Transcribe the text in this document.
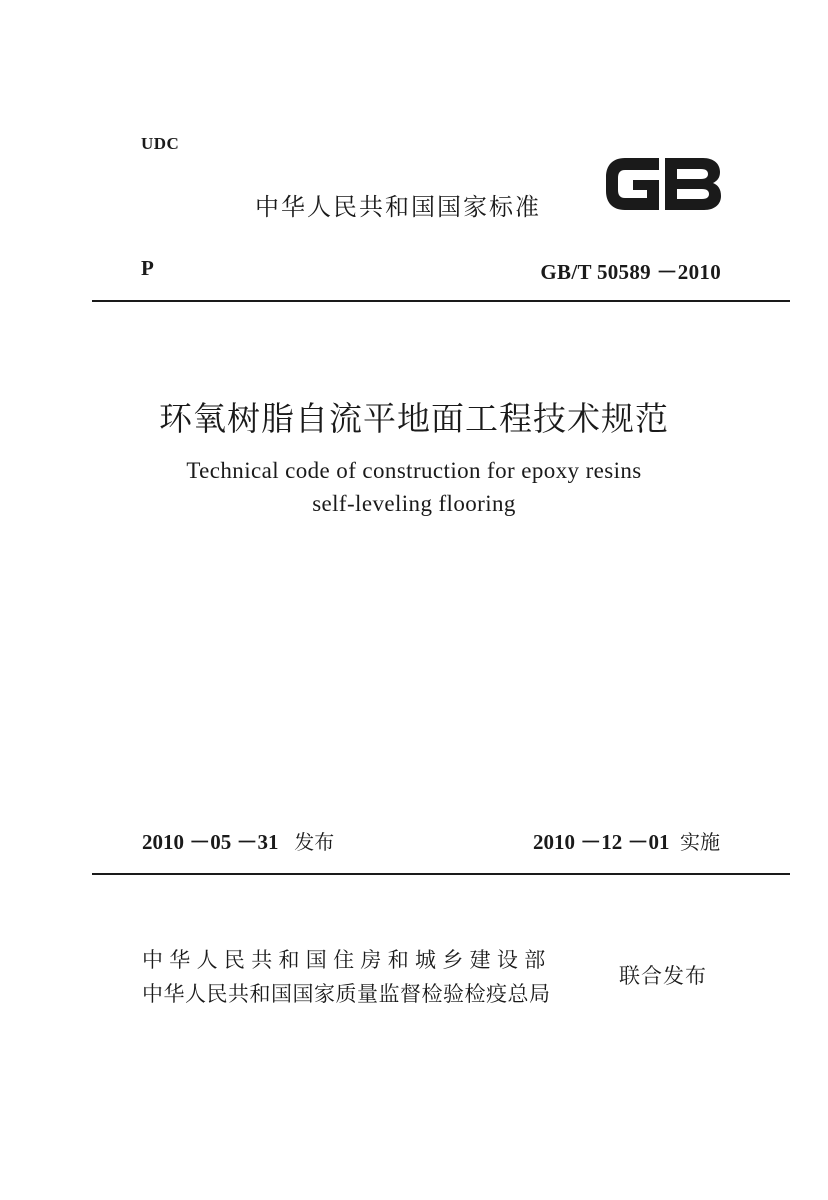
UDC
中华人民共和国国家标准
P	GB/T 50589 －2010
环氧树脂自流平地面工程技术规范
Technical code of construction for epoxy resins
self-leveling flooring
2010 －05 －31 发布	2010 －12 －01 实施
中华人民共和国住房和城乡建设部
中华人民共和国国家质量监督检验检疫总局
联合发布
